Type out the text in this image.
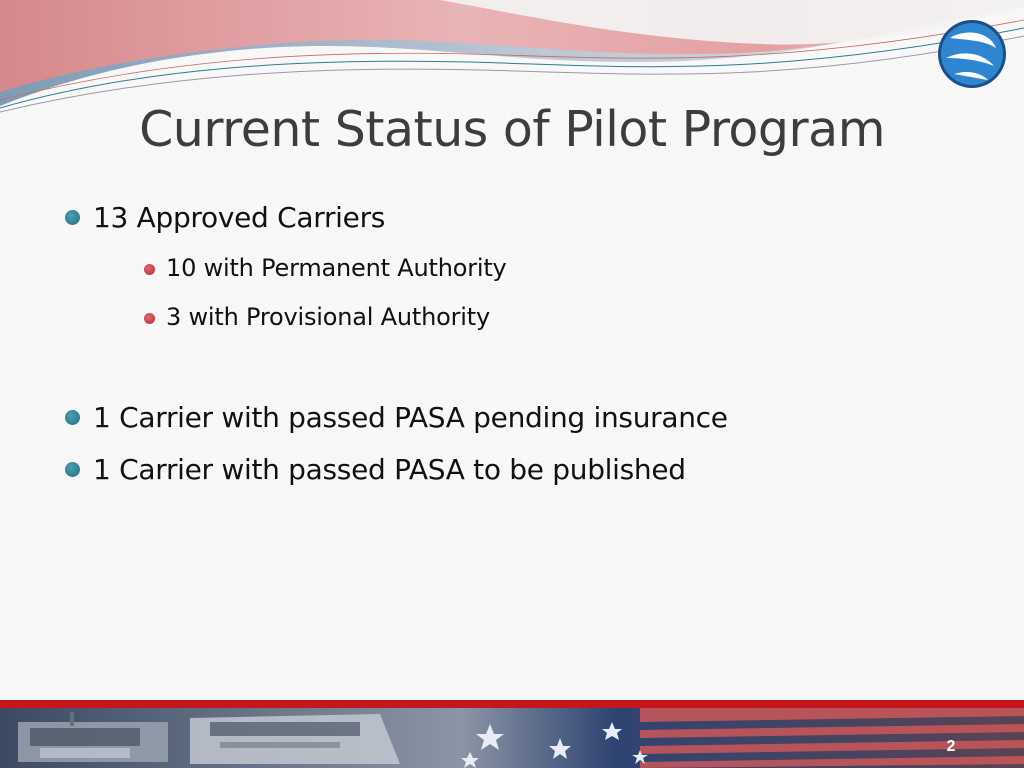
Current Status of Pilot Program
13 Approved Carriers
10 with Permanent Authority
3 with Provisional Authority
1 Carrier with passed PASA pending insurance
1 Carrier with passed PASA to be published
2
